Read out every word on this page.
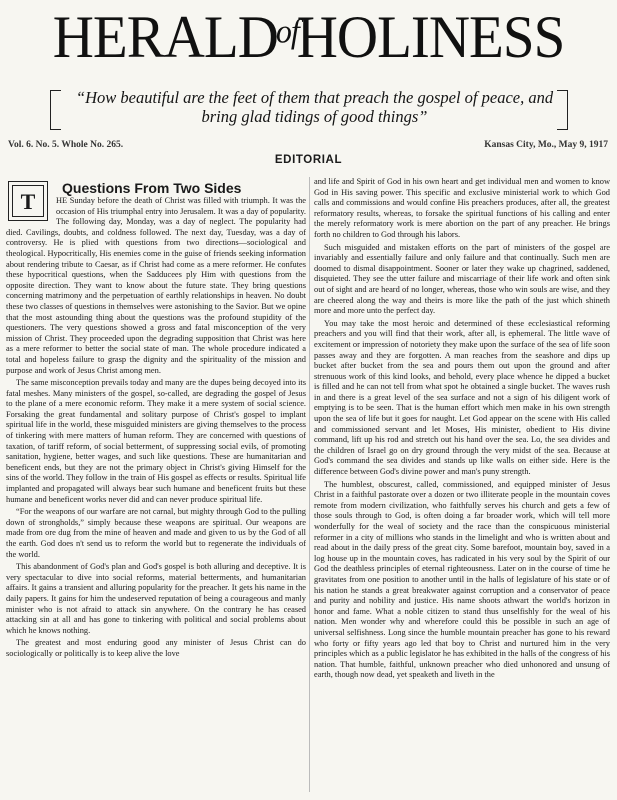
$HERALD^{of}HOLINESS$
“How beautiful are the feet of them that preach the gospel of peace, and
bring glad tidings of good things”
Vol. 6. No. 5. Whole No. 265.	Kansas City, Mo., May 9, 1917
EDITORIAL
T
Questions From Two Sides

HE Sunday before the death of Christ was filled with triumph. It was the occasion of His triumphal entry into Jerusalem. It was a day of popularity. The following day, Monday, was a day of neglect. The popularity had died. Cavilings, doubts, and coldness followed. The next day, Tuesday, was a day of controversy. He is plied with questions from two directions—sociological and theological. Hypocritically, His enemies come in the guise of friends seeking information about rendering tribute to Caesar, as if Christ had come as a mere reformer. He confutes these hypocritical questions, when the Sadducees ply Him with questions from the opposite direction. They want to know about the future state. They bring questions concerning matrimony and the perpetuation of earthly relationships in heaven. No doubt these two classes of questions in themselves were astonishing to the Savior. But we opine that the most astounding thing about the questions was the profound stupidity of the questioners. The very questions showed a gross and fatal misconception of the very mission of Christ. They proceeded upon the degrading supposition that Christ was here as a mere reformer to better the social state of man. The whole procedure indicated a total and hopeless failure to grasp the dignity and the spirituality of the mission and purpose and work of Jesus Christ among men.

The same misconception prevails today and many are the dupes being decoyed into its fatal meshes. Many ministers of the gospel, so-called, are degrading the gospel of Jesus to the plane of a mere economic reform. They make it a mere system of social science. Forsaking the great fundamental and solitary purpose of Christ's gospel to implant spiritual life in the world, these misguided ministers are giving themselves to the process of tinkering with mere matters of human reform. They are concerned with questions of taxation, of tariff reform, of social betterment, of suppressing social evils, of promoting sanitation, hygiene, better wages, and such like questions. These are humanitarian and beneficent ends, but they are not the primary object in Christ's giving Himself for the sins of the world. They follow in the train of His gospel as effects or results. Spiritual life implanted and propagated will always bear such humane and beneficent fruits but these humane and beneficent works never did and can never produce spiritual life.

“For the weapons of our warfare are not carnal, but mighty through God to the pulling down of strongholds,” simply because these weapons are spiritual. Our weapons are made from ore dug from the mine of heaven and made and given to us by the God of all the earth. God does n't send us to reform the world but to regenerate the individuals of the world.

This abandonment of God's plan and God's gospel is both alluring and deceptive. It is very spectacular to dive into social reforms, material betterments, and humanitarian affairs. It gains a transient and alluring popularity for the preacher. It gets his name in the daily papers. It gains for him the undeserved reputation of being a courageous and manly minister who is not afraid to attack sin anywhere. On the contrary he has ceased attacking sin at all and has gone to tinkering with political and social problems about which he knows nothing.

The greatest and most enduring good any minister of Jesus Christ can do sociologically or politically is to keep alive the love

and life and Spirit of God in his own heart and get individual men and women to know God in His saving power. This specific and exclusive ministerial work to which God calls and commissions and would confine His preachers produces, after all, the greatest reformatory results, whereas, to forsake the spiritual functions of his calling and enter the merely reformatory work is mere abortion on the part of any preacher. He brings forth no children to God through his labors.

Such misguided and mistaken efforts on the part of ministers of the gospel are invariably and essentially failure and only failure and that continually. Such men are doomed to dismal disappointment. Sooner or later they wake up chagrined, saddened, disquieted. They see the utter failure and miscarriage of their life work and often sink out of sight and are heard of no longer, whereas, those who win souls are wise, and they are cheered along the way and theirs is more like the path of the just which shineth more and more unto the perfect day.

You may take the most heroic and determined of these ecclesiastical reforming preachers and you will find that their work, after all, is ephemeral. The little wave of excitement or impression of notoriety they make upon the surface of the sea of life soon passes away and they are forgotten. A man reaches from the seashore and dips up bucket after bucket from the sea and pours them out upon the ground and after strenuous work of this kind looks, and behold, every place whence he dipped a bucket is filled and he can not tell from what spot he obtained a single bucket. The waves rush in and there is a great level of the sea surface and not a sign of his diligent work of emptying is to be seen. That is the human effort which men make in his own strength upon the sea of life but it goes for naught. Let God appear on the scene with His called and commissioned servant and let Moses, His minister, obedient to His divine command, lift up his rod and stretch out his hand over the sea. Lo, the sea divides and the children of Israel go on dry ground through the very midst of the sea. Because at God's command the sea divides and stands up like walls on either side. Here is the difference between God's divine power and man's puny strength.

The humblest, obscurest, called, commissioned, and equipped minister of Jesus Christ in a faithful pastorate over a dozen or two illiterate people in the mountain coves remote from modern civilization, who faithfully serves his church and gets a few of those souls through to God, is often doing a far broader work, which will tell more wonderfully for the weal of society and the race than the conspicuous ministerial reformer in a city of millions who stands in the limelight and who is written about and read about in the daily press of the great city. Some barefoot, mountain boy, saved in a log house up in the mountain coves, has radicated in his very soul by the Spirit of our God the deathless principles of eternal righteousness. Later on in the course of time he gravitates from one position to another until in the halls of legislature of his state or of his nation he stands a great breakwater against corruption and a conservator of peace and purity and nobility and justice. His name shoots athwart the world's horizon in honor and fame. What a noble citizen to stand thus unselfishly for the weal of his nation. Men wonder why and wherefore could this be possible in such an age of universal selfishness. Long since the humble mountain preacher has gone to his reward who forty or fifty years ago led that boy to Christ and nurtured him in the very principles which as a public legislator he has exhibited in the halls of the congress of his nation. That humble, faithful, unknown preacher who died unhonored and unsung of earth, though now dead, yet speaketh and liveth in the
